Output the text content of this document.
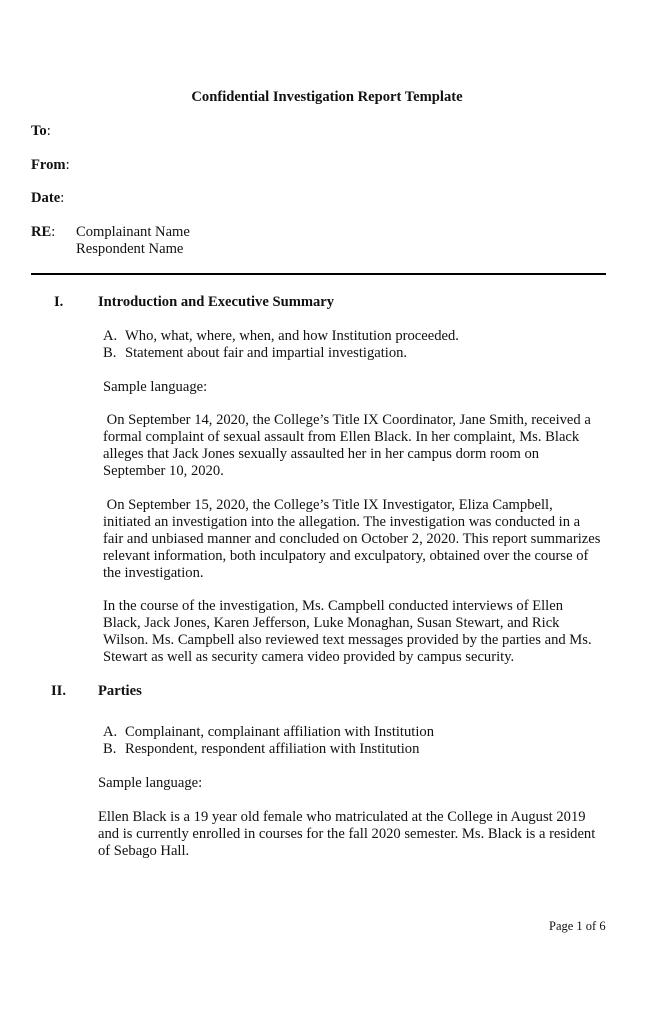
Confidential Investigation Report Template
To:
From:
Date:
RE: Complainant Name
Respondent Name
I. Introduction and Executive Summary
A. Who, what, where, when, and how Institution proceeded.
B. Statement about fair and impartial investigation.
Sample language:
On September 14, 2020, the College’s Title IX Coordinator, Jane Smith, received a
formal complaint of sexual assault from Ellen Black. In her complaint, Ms. Black
alleges that Jack Jones sexually assaulted her in her campus dorm room on
September 10, 2020.
On September 15, 2020, the College’s Title IX Investigator, Eliza Campbell,
initiated an investigation into the allegation. The investigation was conducted in a
fair and unbiased manner and concluded on October 2, 2020. This report summarizes
relevant information, both inculpatory and exculpatory, obtained over the course of
the investigation.
In the course of the investigation, Ms. Campbell conducted interviews of Ellen
Black, Jack Jones, Karen Jefferson, Luke Monaghan, Susan Stewart, and Rick
Wilson. Ms. Campbell also reviewed text messages provided by the parties and Ms.
Stewart as well as security camera video provided by campus security.
II. Parties
A. Complainant, complainant affiliation with Institution
B. Respondent, respondent affiliation with Institution
Sample language:
Ellen Black is a 19 year old female who matriculated at the College in August 2019
and is currently enrolled in courses for the fall 2020 semester. Ms. Black is a resident
of Sebago Hall.
Page 1 of 6
